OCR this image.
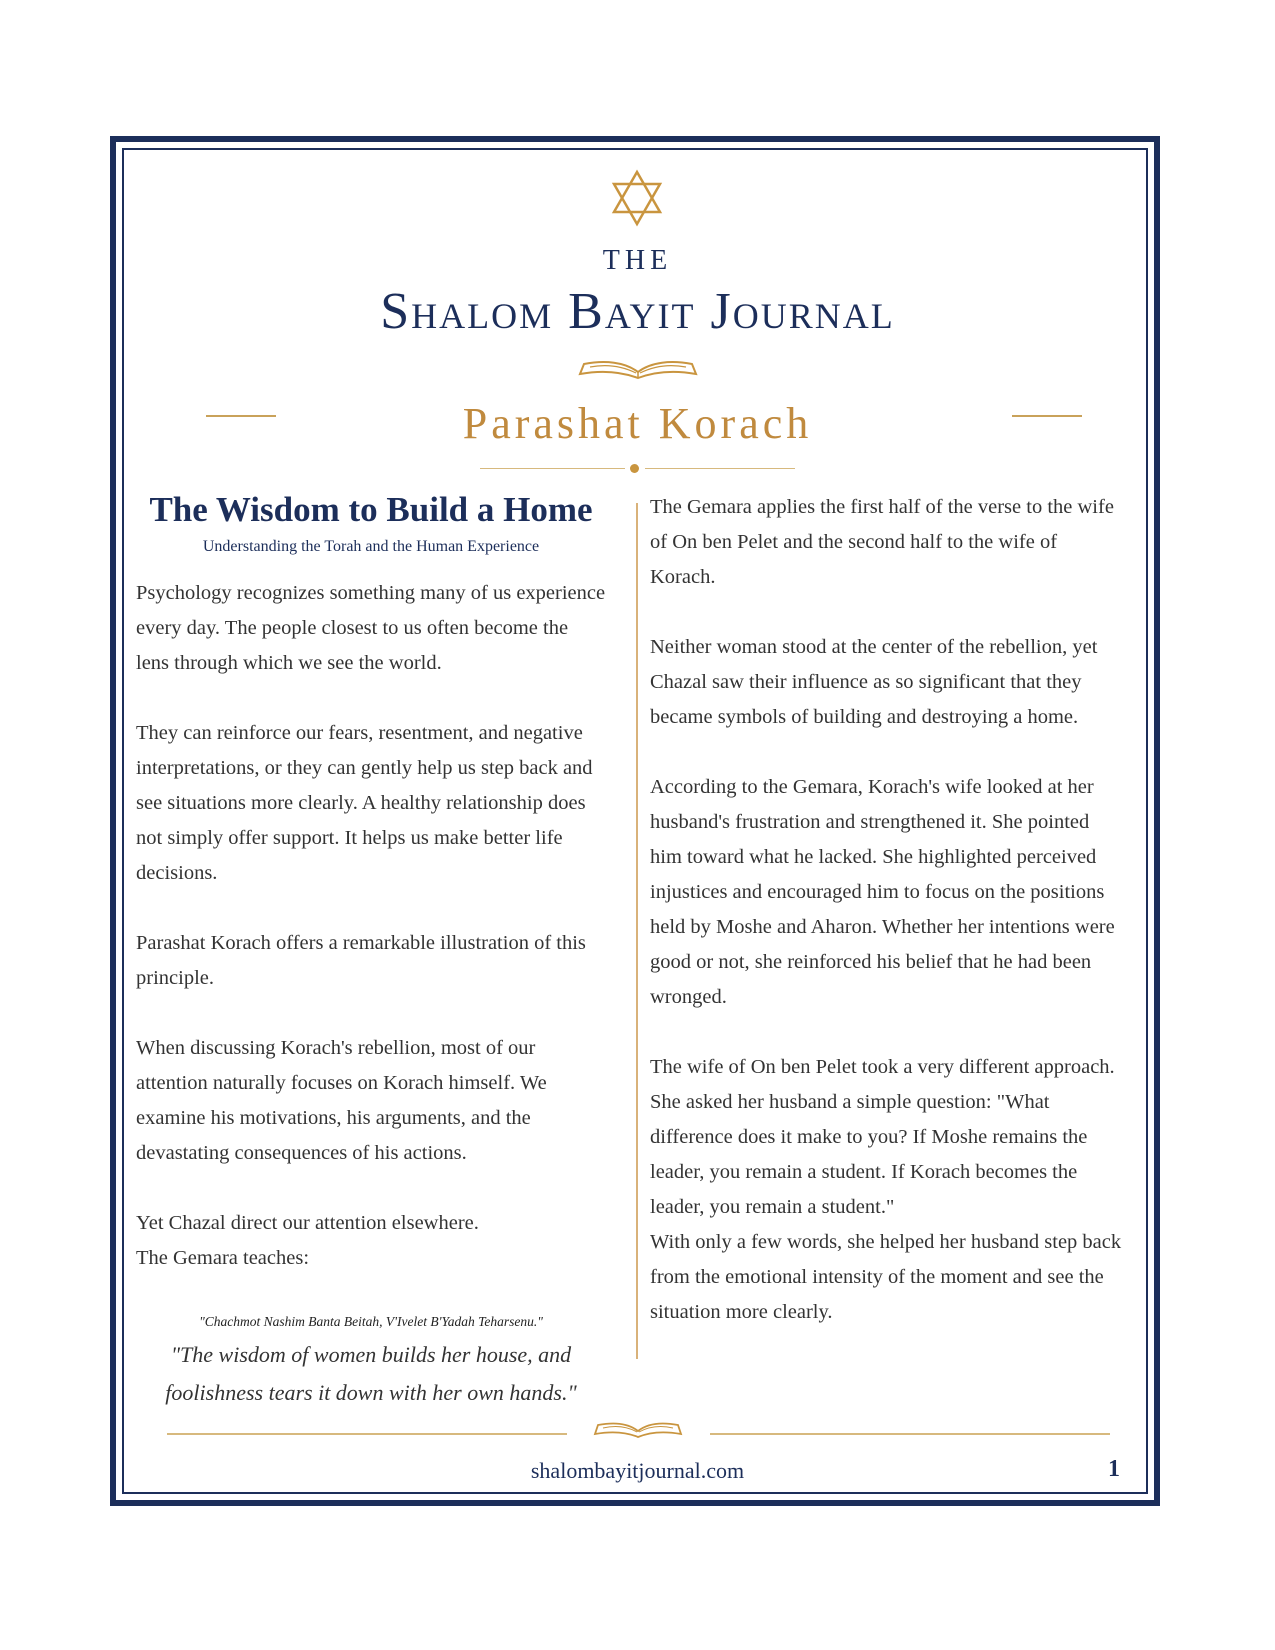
THE
Shalom Bayit Journal
Parashat Korach
The Wisdom to Build a Home
Understanding the Torah and the Human Experience

Psychology recognizes something many of us experience every day. The people closest to us often become the lens through which we see the world.

They can reinforce our fears, resentment, and negative interpretations, or they can gently help us step back and see situations more clearly. A healthy relationship does not simply offer support. It helps us make better life decisions.

Parashat Korach offers a remarkable illustration of this principle.

When discussing Korach's rebellion, most of our attention naturally focuses on Korach himself. We examine his motivations, his arguments, and the devastating consequences of his actions.

Yet Chazal direct our attention elsewhere.

The Gemara teaches:

"Chachmot Nashim Banta Beitah, V'Ivelet B'Yadah Teharsenu."

"The wisdom of women builds her house, and foolishness tears it down with her own hands."

The Gemara applies the first half of the verse to the wife of On ben Pelet and the second half to the wife of Korach.

Neither woman stood at the center of the rebellion, yet Chazal saw their influence as so significant that they became symbols of building and destroying a home.

According to the Gemara, Korach's wife looked at her husband's frustration and strengthened it. She pointed him toward what he lacked. She highlighted perceived injustices and encouraged him to focus on the positions held by Moshe and Aharon. Whether her intentions were good or not, she reinforced his belief that he had been wronged.

The wife of On ben Pelet took a very different approach. She asked her husband a simple question: "What difference does it make to you? If Moshe remains the leader, you remain a student. If Korach becomes the leader, you remain a student."

With only a few words, she helped her husband step back from the emotional intensity of the moment and see the situation more clearly.

shalombayitjournal.com	1
